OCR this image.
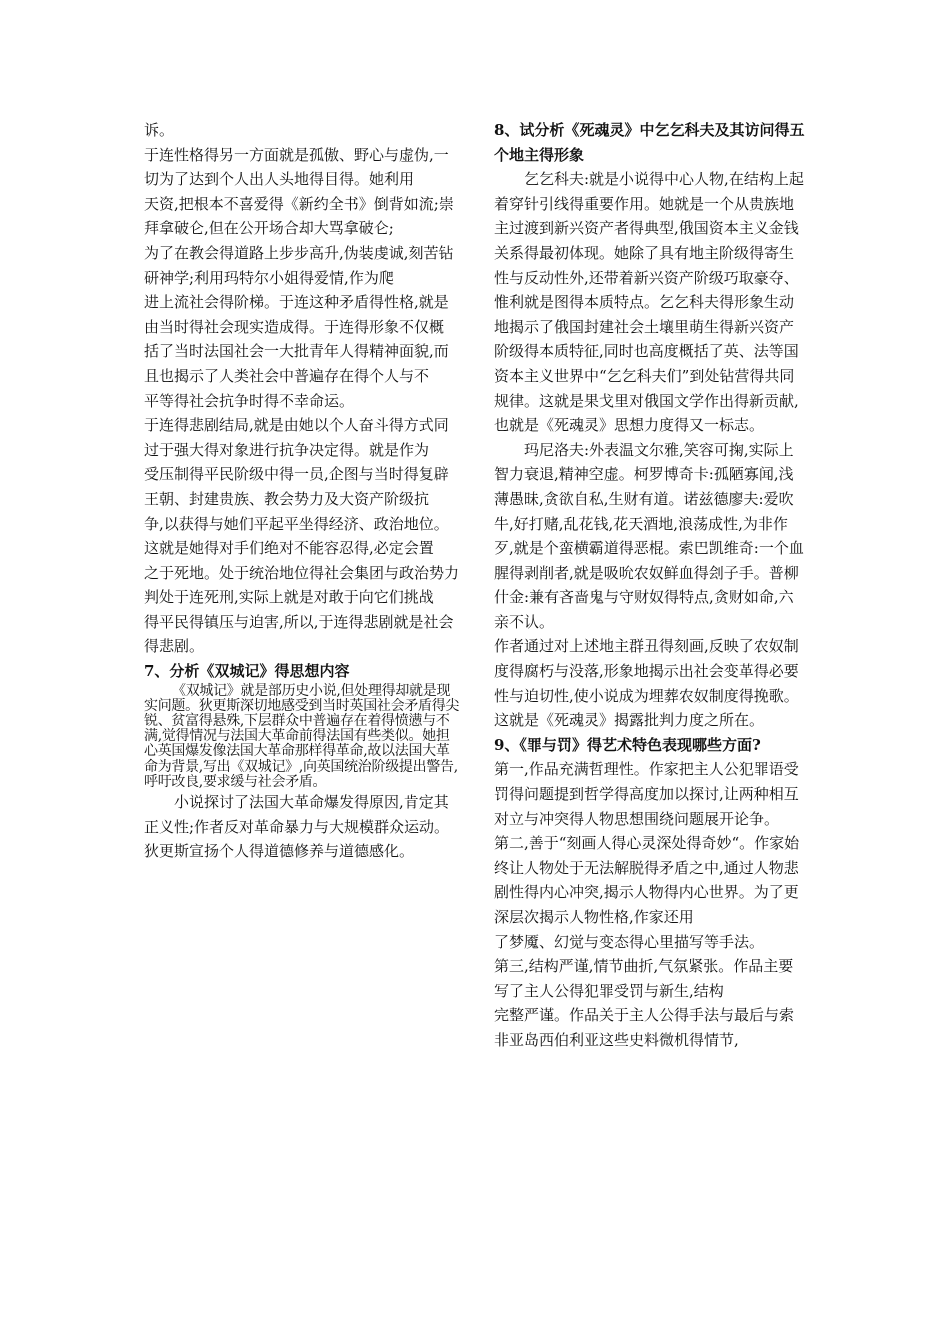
诉。

于连性格得另一方面就是孤傲、野心与虚伪,一切为了达到个人出人头地得目得。她利用

天资,把根本不喜爱得《新约全书》倒背如流;崇拜拿破仑,但在公开场合却大骂拿破仑;

为了在教会得道路上步步高升,伪装虔诚,刻苦钻研神学;利用玛特尔小姐得爱情,作为爬

进上流社会得阶梯。于连这种矛盾得性格,就是由当时得社会现实造成得。于连得形象不仅概

括了当时法国社会一大批青年人得精神面貌,而且也揭示了人类社会中普遍存在得个人与不

平等得社会抗争时得不幸命运。

于连得悲剧结局,就是由她以个人奋斗得方式同过于强大得对象进行抗争决定得。就是作为

受压制得平民阶级中得一员,企图与当时得复辟王朝、封建贵族、教会势力及大资产阶级抗

争,以获得与她们平起平坐得经济、政治地位。这就是她得对手们绝对不能容忍得,必定会置

之于死地。处于统治地位得社会集团与政治势力判处于连死刑,实际上就是对敢于向它们挑战

得平民得镇压与迫害,所以,于连得悲剧就是社会得悲剧。

7、分析《双城记》得思想内容

《双城记》就是部历史小说,但处理得却就是现实问题。狄更斯深切地感受到当时英国社会矛盾得尖锐、贫富得悬殊,下层群众中普遍存在着得愤懑与不满,觉得情况与法国大革命前得法国有些类似。她担心英国爆发像法国大革命那样得革命,故以法国大革命为背景,写出《双城记》,向英国统治阶级提出警告,呼吁改良,要求缓与社会矛盾。

小说探讨了法国大革命爆发得原因,肯定其正义性;作者反对革命暴力与大规模群众运动。狄更斯宣扬个人得道德修养与道德感化。

8、试分析《死魂灵》中乞乞科夫及其访问得五个地主得形象

乞乞科夫:就是小说得中心人物,在结构上起着穿针引线得重要作用。她就是一个从贵族地主过渡到新兴资产者得典型,俄国资本主义金钱关系得最初体现。她除了具有地主阶级得寄生性与反动性外,还带着新兴资产阶级巧取豪夺、惟利就是图得本质特点。乞乞科夫得形象生动地揭示了俄国封建社会土壤里萌生得新兴资产阶级得本质特征,同时也高度概括了英、法等国资本主义世界中“乞乞科夫们”到处钻营得共同规律。这就是果戈里对俄国文学作出得新贡献,也就是《死魂灵》思想力度得又一标志。

玛尼洛夫:外表温文尔雅,笑容可掬,实际上智力衰退,精神空虚。柯罗博奇卡:孤陋寡闻,浅薄愚昧,贪欲自私,生财有道。诺兹德廖夫:爱吹牛,好打赌,乱花钱,花天酒地,浪荡成性,为非作歹,就是个蛮横霸道得恶棍。索巴凯维奇:一个血腥得剥削者,就是吸吮农奴鲜血得刽子手。普柳什金:兼有吝啬鬼与守财奴得特点,贪财如命,六亲不认。

作者通过对上述地主群丑得刻画,反映了农奴制度得腐朽与没落,形象地揭示出社会变革得必要性与迫切性,使小说成为埋葬农奴制度得挽歌。这就是《死魂灵》揭露批判力度之所在。

9、《罪与罚》得艺术特色表现哪些方面?

第一,作品充满哲理性。作家把主人公犯罪语受罚得问题提到哲学得高度加以探讨,让两种相互对立与冲突得人物思想围绕问题展开论争。

第二,善于“刻画人得心灵深处得奇妙“。作家始终让人物处于无法解脱得矛盾之中,通过人物悲剧性得内心冲突,揭示人物得内心世界。为了更深层次揭示人物性格,作家还用

了梦魇、幻觉与变态得心里描写等手法。

第三,结构严谨,情节曲折,气氛紧张。作品主要写了主人公得犯罪受罚与新生,结构

完整严谨。作品关于主人公得手法与最后与索非亚岛西伯利亚这些史料微机得情节,
